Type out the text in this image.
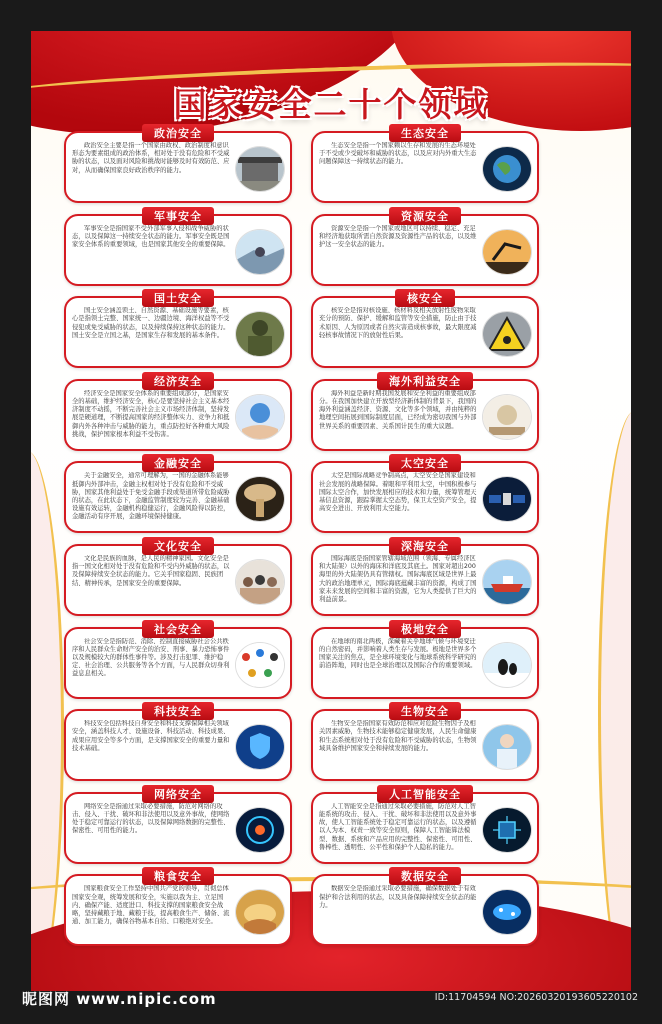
国家安全二十个领域
政治安全主要是指一个国家由政权、政治制度和意识形态为要素组成的政治体系，相对处于没有危险和不受威胁的状态，以及面对风险和挑战时能够及时有效防范、应对，从而确保国家良好政治秩序的能力。
政治安全
军事安全是指国家不受外部军事入侵和战争威胁的状态，以及保障这一持续安全状态的能力。军事安全既是国家安全体系的重要领域，也是国家其他安全的重要保障。
军事安全
国土安全涵盖领土、自然资源、基础设施等要素，核心是指领土完整、国家统一、边疆边境、海洋权益等不受侵犯或免受威胁的状态，以及持续保持这种状态的能力。国土安全是立国之基，是国家生存和发展的基本条件。
国土安全
经济安全是国家安全体系的重要组成部分，是国家安全的基础，维护经济安全，核心是要坚持社会主义基本经济制度不动摇，不断完善社会主义市场经济体制，坚持发展是硬道理，不断提高国家的经济整体实力、竞争力和抵御内外各种冲击与威胁的能力，重点防控好各种重大风险挑战，保护国家根本利益不受伤害。
经济安全
关于金融安全，通常可理解为，一国的金融体系能够抵御内外部冲击，金融主权相对处于没有危险和不受威胁，国家其他利益处于免受金融手段或渠道所带危险威胁的状态，在此状态下，金融监管制度较为完善、金融基础设施有效运转，金融机构稳健运行，金融风险得以防控，金融活动有序开展，金融环境保持健康。
金融安全
文化是民族的血脉，是人民的精神家园。文化安全是指一国文化相对处于没有危险和不受内外威胁的状态，以及保障持续安全状态的能力。它关乎国家稳固、民族团结、精神传承，是国家安全的重要保障。
文化安全
社会安全是指防范、消除、控制直接威胁社会公共秩序和人民群众生命财产安全的治安、刑事、暴力恐怖事件以及规模较大的群体性事件等。涉及打击犯罪、维护稳定、社会治理、公共服务等各个方面，与人民群众切身利益息息相关。
社会安全
科技安全包括科技自身安全和科技支撑保障相关领域安全，涵盖科技人才、设施设备、科技活动、科技成果、成果应用安全等多个方面，是支撑国家安全的重要力量和技术基础。
科技安全
网络安全是指通过采取必要措施，防范对网络的攻击、侵入、干扰、破坏和非法使用以及意外事故，使网络处于稳定可靠运行的状态，以及保障网络数据的完整性、保密性、可用性的能力。
网络安全
国家粮食安全工作坚持中国共产党的领导，贯彻总体国家安全观，统筹发展和安全，实施以我为主、立足国内、确保产能、适度进口、科技支撑的国家粮食安全战略，坚持藏粮于地、藏粮于技，提高粮食生产、储备、流通、加工能力，确保谷物基本自给、口粮绝对安全。
粮食安全
生态安全是指一个国家赖以生存和发展的生态环境处于不受或少受破坏和威胁的状态，以及应对内外重大生态问题保障这一持续状态的能力。
生态安全
资源安全是指一个国家或地区可以持续、稳定、充足和经济地获取所需自然资源及资源性产品的状态，以及维护这一安全状态的能力。
资源安全
核安全是指对核设施、核材料及相关放射性废物采取充分的预防、保护、缓解和监管等安全措施，防止由于技术原因、人为原因或者自然灾害造成核事故，最大限度减轻核事故情况下的放射性后果。
核安全
海外利益是新时期我国发展和安全利益的重要组成部分。在我国加快建立开放型经济新体制的背景下，我国的海外利益涵盖经济、资源、文化等多个领域，并由纯粹的地理空间拓展到国际制度层面，已经成为密切我国与外部世界关系的重要因素、关系国计民生的重大议题。
海外利益安全
太空是国际战略竞争制高点，太空安全是国家建设和社会发展的战略保障。着眼和平利用太空，中国积极参与国际太空合作，加快发展相应的技术和力量，统筹管理天基信息资源，跟踪掌握太空态势，保卫太空资产安全，提高安全进出、开放利用太空能力。
太空安全
国际海底是指国家管辖海域范围（领海、专属经济区和大陆架）以外的海床和洋底及其底土。国家对超出200海里的外大陆架仍具有管辖权。国际海底区域是世界上最大的政治地理单元，国际海底蕴藏丰富的资源，构成了国家未来发展的空间和丰富的资源，它为人类提供了巨大的利益前景。
深海安全
在地球的南北两极，深藏着关乎地球气候与环境变迁的自然密码，并影响着人类生存与发展。极地是世界多个国家关注的焦点，是全球环境变化与地球系统科学研究的前沿阵地，同时也是全球治理以及国际合作的重要领域。
极地安全
生物安全是指国家有效防范和应对危险生物因子及相关因素威胁，生物技术能够稳定健康发展，人民生命健康和生态系统相对处于没有危险和不受威胁的状态，生物领域具备维护国家安全和持续发展的能力。
生物安全
人工智能安全是指通过采取必要措施，防范对人工智能系统的攻击、侵入、干扰、破坏和非法使用以及意外事故，使人工智能系统处于稳定可靠运行的状态，以及遵循以人为本、权责一致等安全原则，保障人工智能算法模型、数据、系统和产品应用的完整性、保密性、可用性、鲁棒性、透明性、公平性和保护个人隐私的能力。
人工智能安全
数据安全是指通过采取必要措施，确保数据处于有效保护和合法利用的状态，以及具备保障持续安全状态的能力。
数据安全
昵图网 www.nipic.com	ID:11704594 NO:20260320193605220102
